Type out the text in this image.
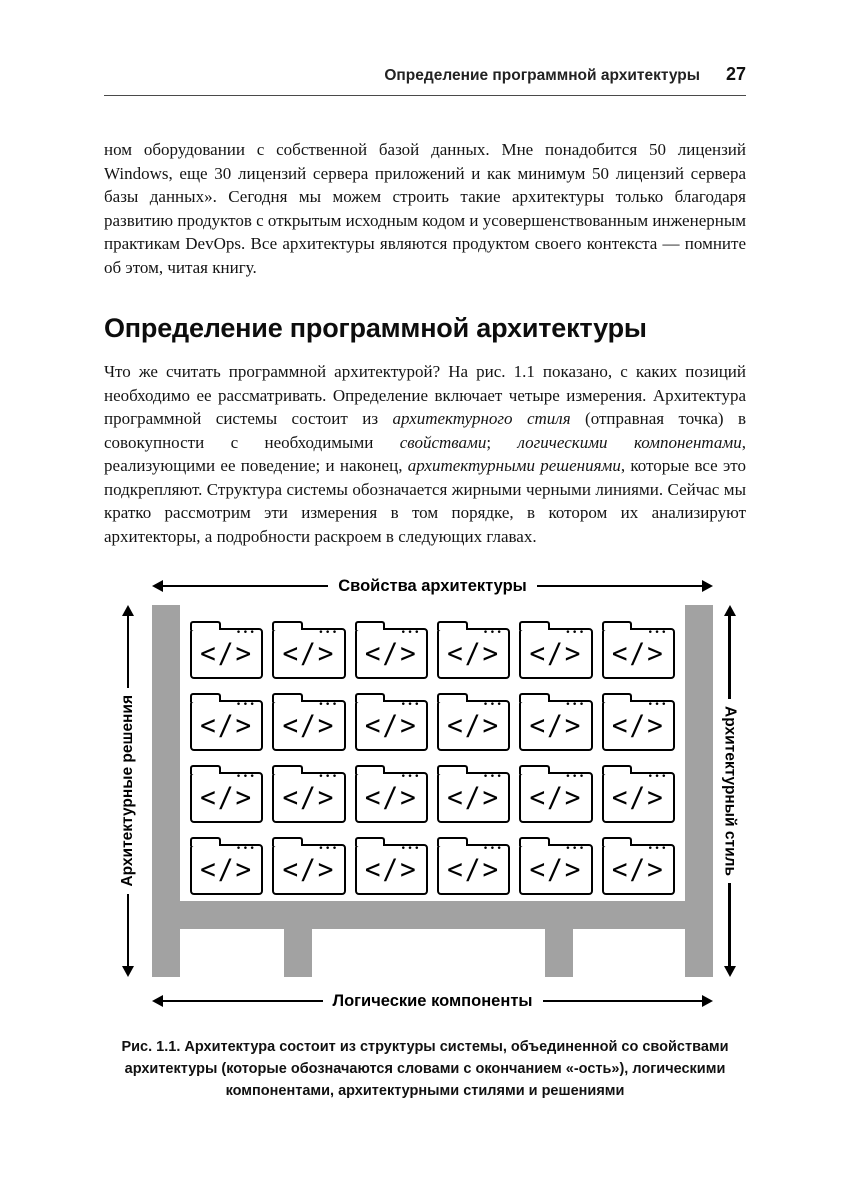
Определение программной архитектуры 27

ном оборудовании с собственной базой данных. Мне понадобится 50 лицензий Windows, еще 30 лицензий сервера приложений и как минимум 50 лицензий сервера базы данных». Сегодня мы можем строить такие архитектуры только благодаря развитию продуктов с открытым исходным кодом и усовершенствованным инженерным практикам DevOps. Все архитектуры являются продуктом своего контекста — помните об этом, читая книгу.

Определение программной архитектуры

Что же считать программной архитектурой? На рис. 1.1 показано, с каких позиций необходимо ее рассматривать. Определение включает четыре измерения. Архитектура программной системы состоит из архитектурного стиля (отправная точка) в совокупности с необходимыми свойствами; логическими компонентами, реализующими ее поведение; и наконец, архитектурными решениями, которые все это подкрепляют. Структура системы обозначается жирными черными линиями. Сейчас мы кратко рассмотрим эти измерения в том порядке, в котором их анализируют архитекторы, а подробности раскроем в следующих главах.

Свойства архитектуры
Архитектурные решения
•••
</>
•••
</>
•••
</>
•••
</>
•••
</>
•••
</>
•••
</>
•••
</>
•••
</>
•••
</>
•••
</>
•••
</>
•••
</>
•••
</>
•••
</>
•••
</>
•••
</>
•••
</>
•••
</>
•••
</>
•••
</>
•••
</>
•••
</>
•••
</>	Архитектурный стиль
Логические компоненты

Рис. 1.1. Архитектура состоит из структуры системы, объединенной со свойствами архитектуры (которые обозначаются словами с окончанием «-ость»), логическими компонентами, архитектурными стилями и решениями
